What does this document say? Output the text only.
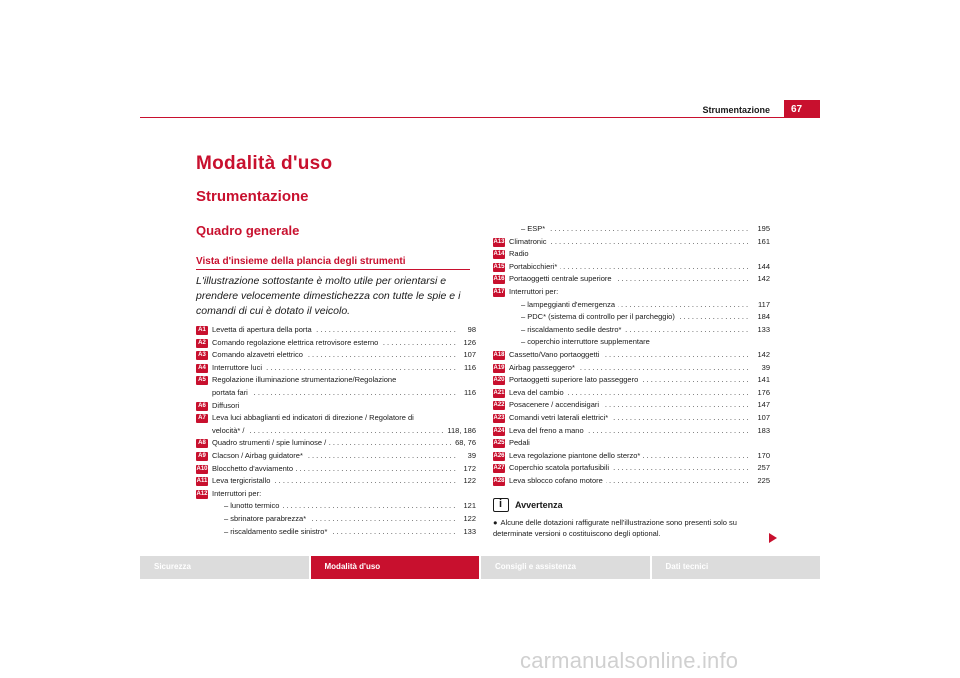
Strumentazione	67
Modalità d'uso
Strumentazione
Quadro generale
Vista d'insieme della plancia degli strumenti
L'illustrazione sottostante è molto utile per orientarsi e prendere velocemente dimestichezza con tutte le spie e i comandi di cui è dotato il veicolo.
A1 Levetta di apertura della porta . . .	98
A2 Comando regolazione elettrica retrovisore esterno . . .	126
A3 Comando alzavetri elettrico . . .	107
A4 Interruttore luci . . .	116
A5 Regolazione illuminazione strumentazione/Regolazione
portata fari . . .	116
A6 Diffusori
A7 Leva luci abbaglianti ed indicatori di direzione / Regolatore di
velocità* / . . .	118, 186
A8 Quadro strumenti / spie luminose / . . .	68, 76
A9 Clacson / Airbag guidatore* . . .	39
A10 Blocchetto d'avviamento . . .	172
A11 Leva tergicristallo . . .	122
A12 Interruttori per:
– lunotto termico . . .	121
– sbrinatore parabrezza* . . .	122
– riscaldamento sedile sinistro* . . .	133
– ESP* . . .	195
A13 Climatronic . . .	161
A14 Radio
A15 Portabicchieri* . . .	144
A16 Portaoggetti centrale superiore . . .	142
A17 Interruttori per:
– lampeggianti d'emergenza . . .	117
– PDC* (sistema di controllo per il parcheggio) . . .	184
– riscaldamento sedile destro* . . .	133
– coperchio interruttore supplementare
A18 Cassetto/Vano portaoggetti . . .	142
A19 Airbag passeggero* . . .	39
A20 Portaoggetti superiore lato passeggero . . .	141
A21 Leva del cambio . . .	176
A22 Posacenere / accendisigari . . .	147
A23 Comandi vetri laterali elettrici* . . .	107
A24 Leva del freno a mano . . .	183
A25 Pedali
A26 Leva regolazione piantone dello sterzo* . . .	170
A27 Coperchio scatola portafusibili . . .	257
A28 Leva sblocco cofano motore . . .	225
i
Avvertenza
● Alcune delle dotazioni raffigurate nell'illustrazione sono presenti solo su determinate versioni o costituiscono degli optional.
Sicurezza	Modalità d'uso	Consigli e assistenza	Dati tecnici
carmanualsonline.info
